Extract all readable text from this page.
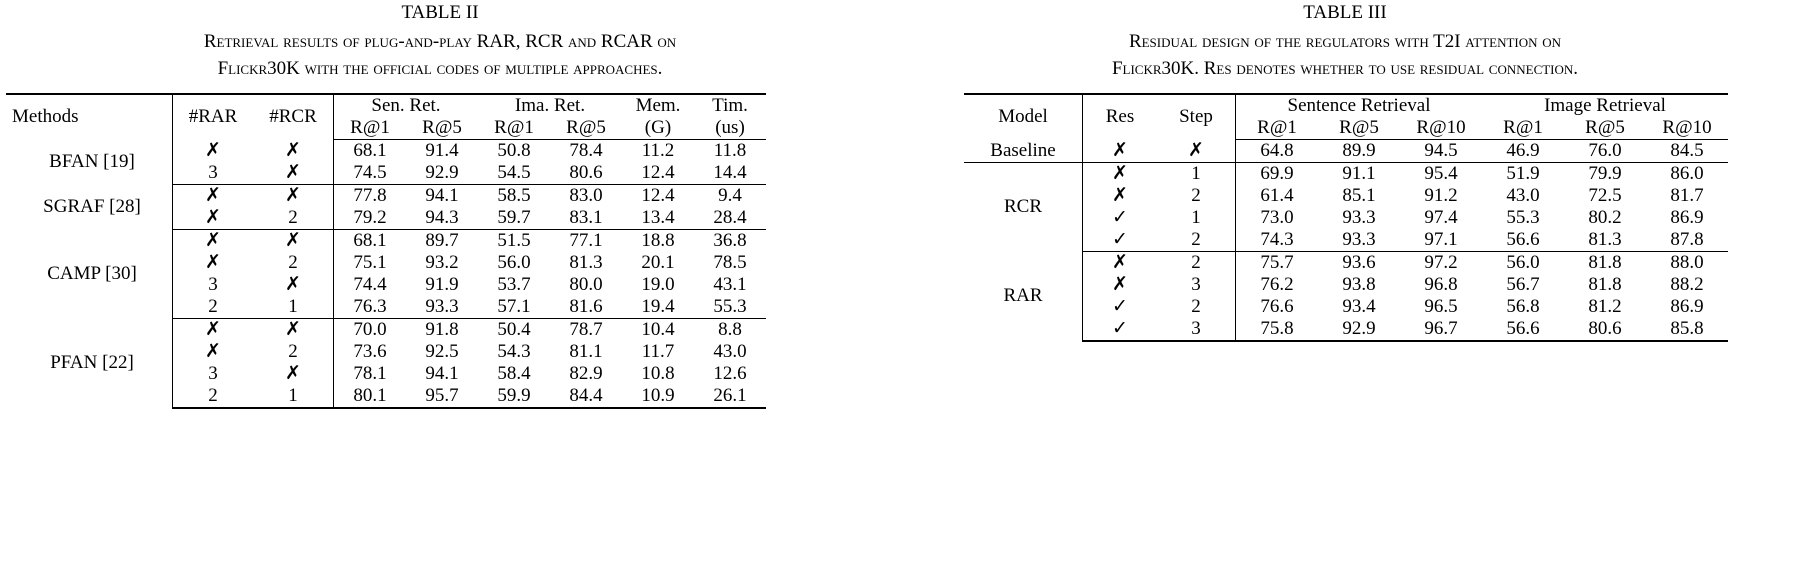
TABLE II
Retrieval results of plug-and-play RAR, RCR and RCAR on
Flickr30K with the official codes of multiple approaches.
Methods	#RAR	#RCR	Sen. Ret.		Ima. Ret.		Mem.	Tim.
			R@1	R@5	R@1	R@5	(G)	(us)
BFAN [19]	✗	✗	68.1	91.4	50.8	78.4	11.2	11.8
	3	✗	74.5	92.9	54.5	80.6	12.4	14.4
SGRAF [28]	✗	✗	77.8	94.1	58.5	83.0	12.4	9.4
	✗	2	79.2	94.3	59.7	83.1	13.4	28.4
CAMP [30]	✗	✗	68.1	89.7	51.5	77.1	18.8	36.8
	✗	2	75.1	93.2	56.0	81.3	20.1	78.5
	3	✗	74.4	91.9	53.7	80.0	19.0	43.1
	2	1	76.3	93.3	57.1	81.6	19.4	55.3
PFAN [22]	✗	✗	70.0	91.8	50.4	78.7	10.4	8.8
	✗	2	73.6	92.5	54.3	81.1	11.7	43.0
	3	✗	78.1	94.1	58.4	82.9	10.8	12.6
	2	1	80.1	95.7	59.9	84.4	10.9	26.1
TABLE III
Residual design of the regulators with T2I attention on
Flickr30K. Res denotes whether to use residual connection.
Model	Res	Step	Sentence Retrieval			Image Retrieval		
			R@1	R@5	R@10	R@1	R@5	R@10
Baseline	✗	✗	64.8	89.9	94.5	46.9	76.0	84.5
RCR	✗	1	69.9	91.1	95.4	51.9	79.9	86.0
	✗	2	61.4	85.1	91.2	43.0	72.5	81.7
	✓	1	73.0	93.3	97.4	55.3	80.2	86.9
	✓	2	74.3	93.3	97.1	56.6	81.3	87.8
RAR	✗	2	75.7	93.6	97.2	56.0	81.8	88.0
	✗	3	76.2	93.8	96.8	56.7	81.8	88.2
	✓	2	76.6	93.4	96.5	56.8	81.2	86.9
	✓	3	75.8	92.9	96.7	56.6	80.6	85.8
